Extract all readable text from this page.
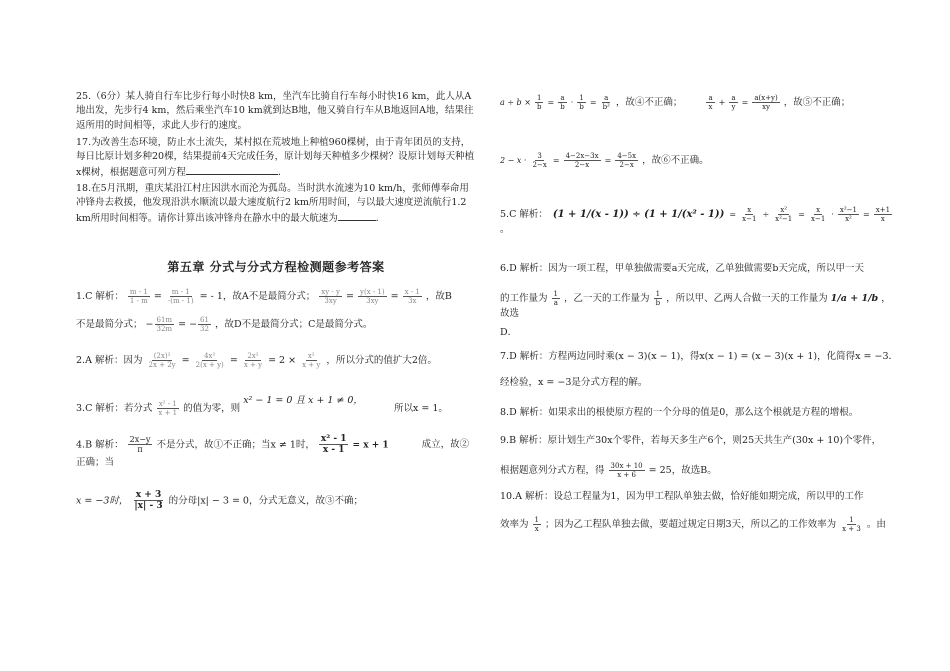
25.（6分）某人骑自行车比步行每小时快8 km，坐汽车比骑自行车每小时快16 km，此人从A地出发，先步行4 km，然后乘坐汽车10 km就到达B地，他又骑自行车从B地返回A地，结果往返所用的时间相等，求此人步行的速度。

17.为改善生态环境，防止水土流失，某村拟在荒坡地上种植960棵树，由于青年团员的支持，每日比原计划多种20棵，结果提前4天完成任务，原计划每天种植多少棵树？设原计划每天种植x棵树，根据题意可列方程	．

18.在5月汛期，重庆某沿江村庄因洪水而沦为孤岛。当时洪水流速为10 km/h，张师傅奉命用冲锋舟去救援，他发现沿洪水顺流以最大速度航行2 km所用时间，与以最大速度逆流航行1.2 km所用时间相等。请你计算出该冲锋舟在静水中的最大航速为	．

第五章 分式与分式方程检测题参考答案
1.C 解析： $\frac{m - 1}{1 - m} = \frac{m - 1}{-(m - 1)}$ = - 1，故A不是最简分式； $\frac{xy - y}{3xy} = \frac{y(x - 1)}{3xy} = \frac{x - 1}{3x}$ ，故B
不是最简分式； − $\frac{61m}{32m}$ = − $\frac{61}{32}$ ，故D不是最简分式；C是最简分式。
2.A 解析：因为 $\frac{\text{(2x)²}}{2x + 2y} = \frac{\text{4x²}}{2(x + y)} = \frac{\text{2x²}}{x + y} = 2 \times \frac{\text{x²}}{x + y}$ ，所以分式的值扩大2倍。
3.C 解析：若分式 $\frac{\text{x² - 1}}{x + 1}$ 的值为零，则 x² − 1 = 0 且 x + 1 ≠ 0， 所以x = 1。
4.B 解析： $\frac{2x-y}{\pi}$ 不是分式，故①不正确；当x ≠ 1时， $\frac{\text{x² - 1}}{x - 1} = x + 1$	成立，故②正确；当
x = −3时， $\frac{x + 3}{|x| - 3}$ 的分母|x| − 3 = 0，分式无意义，故③不确；
$a \div b \times \frac{1}{b} = \frac{a}{b} \cdot \frac{1}{b} = \frac{a}{\text{b²}}$ ，故④不正确；	$\frac{a}{x} + \frac{a}{y} = \frac{a(x+y)}{xy}$ ，故⑤不正确；
$2 - x \cdot \frac{3}{2-x} = \frac{4-2x-3x}{2-x} = \frac{4-5x}{2-x}$ ，故⑥不正确。
5.C 解析： $(1 + 1/(x - 1)) \div (1 + 1/(x^2 - 1)) = \frac{x}{x-1} \div \frac{\text{x²}}{\text{x²−1}} = \frac{x}{x-1} \cdot \frac{\text{x²−1}}{\text{x²}} = \frac{x+1}{x}$
。

6.D 解析：因为一项工程，甲单独做需要a天完成，乙单独做需要b天完成，所以甲一天

的工作量为 $\frac{1}{a}$ ，乙一天的工作量为 $\frac{1}{b}$ ，所以甲、乙两人合做一天的工作量为 1/a + 1/b ，故选
D．

7.D 解析：方程两边同时乘(x − 3)(x − 1)，得x(x − 1) = (x − 3)(x + 1)，化简得x = −3．

经检验，x = −3是分式方程的解。
8.D 解析：如果求出的根使原方程的一个分母的值是0，那么这个根就是方程的增根。
9.B 解析：原计划生产30x个零件，若每天多生产6个，则25天共生产(30x + 10)个零件，
根据题意列分式方程，得 $\frac{30x + 10}{x + 6} = 25$，故选B。
10.A 解析：设总工程量为1，因为甲工程队单独去做，恰好能如期完成，所以甲的工作
效率为 $\frac{1}{x}$ ；因为乙工程队单独去做，要超过规定日期3天，所以乙的工作效率为 $\frac{1}{x + 3}$ 。由
